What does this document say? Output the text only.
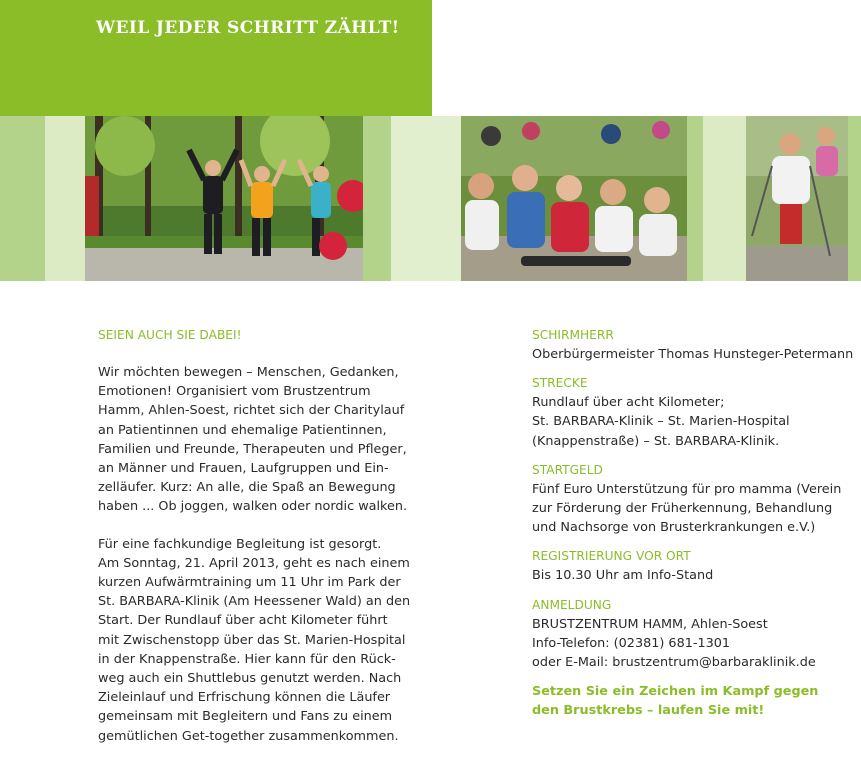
WEIL JEDER SCHRITT ZÄHLT!
SEIEN AUCH SIE DABEI!
Wir möchten bewegen – Menschen, Gedanken,
Emotionen! Organisiert vom Brustzentrum
Hamm, Ahlen-Soest, richtet sich der Charitylauf
an Patientinnen und ehemalige Patientinnen,
Familien und Freunde, Therapeuten und Pfleger,
an Männer und Frauen, Laufgruppen und Ein-
zelläufer. Kurz: An alle, die Spaß an Bewegung
haben ... Ob joggen, walken oder nordic walken.
Für eine fachkundige Begleitung ist gesorgt.
Am Sonntag, 21. April 2013, geht es nach einem
kurzen Aufwärmtraining um 11 Uhr im Park der
St. BARBARA-Klinik (Am Heessener Wald) an den
Start. Der Rundlauf über acht Kilometer führt
mit Zwischenstopp über das St. Marien-Hospital
in der Knappenstraße. Hier kann für den Rück-
weg auch ein Shuttlebus genutzt werden. Nach
Zieleinlauf und Erfrischung können die Läufer
gemeinsam mit Begleitern und Fans zu einem
gemütlichen Get-together zusammenkommen.
SCHIRMHERR
Oberbürgermeister Thomas Hunsteger-Petermann
STRECKE
Rundlauf über acht Kilometer;
St. BARBARA-Klinik – St. Marien-Hospital
(Knappenstraße) – St. BARBARA-Klinik.
STARTGELD
Fünf Euro Unterstützung für pro mamma (Verein
zur Förderung der Früherkennung, Behandlung
und Nachsorge von Brusterkrankungen e.V.)
REGISTRIERUNG VOR ORT
Bis 10.30 Uhr am Info-Stand
ANMELDUNG
BRUSTZENTRUM HAMM, Ahlen-Soest
Info-Telefon: (02381) 681-1301
oder E-Mail: brustzentrum@barbaraklinik.de
Setzen Sie ein Zeichen im Kampf gegen
den Brustkrebs – laufen Sie mit!
